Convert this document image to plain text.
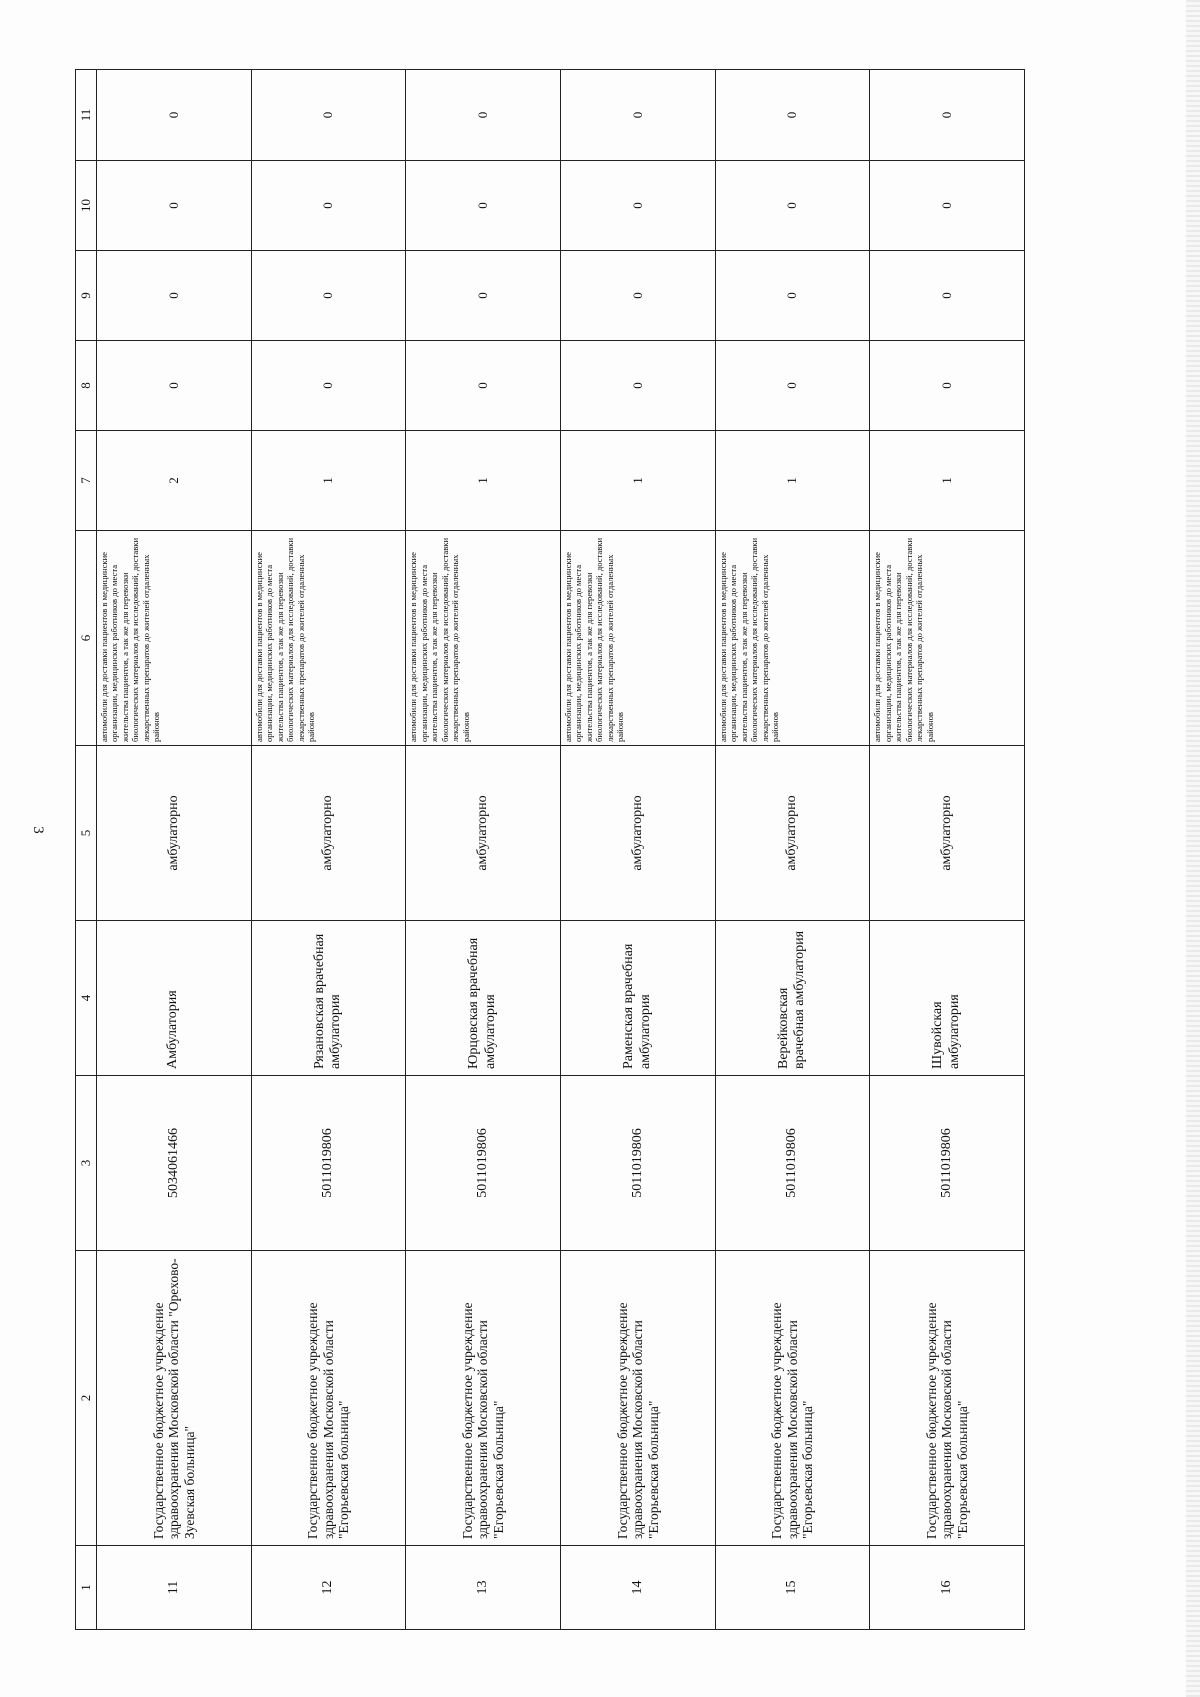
3
1	2	3	4	5	6	7	8	9	10	11
11	Государственное бюджетное учреждение здравоохранения Московской области "Орехово-Зуевская больница"	5034061466	Амбулатория	амбулаторно	автомобили для доставки пациентов в медицинские организации, медицинских работников до места жительства пациентов, а так же для перевозки биологических материалов для исследований, доставки лекарственных препаратов до жителей отдаленных районов	2	0	0	0	0
12	Государственное бюджетное учреждение здравоохранения Московской области "Егорьевская больница"	5011019806	Рязановская врачебная амбулатория	амбулаторно	автомобили для доставки пациентов в медицинские организации, медицинских работников до места жительства пациентов, а так же для перевозки биологических материалов для исследований, доставки лекарственных препаратов до жителей отдаленных районов	1	0	0	0	0
13	Государственное бюджетное учреждение здравоохранения Московской области "Егорьевская больница"	5011019806	Юрцовская врачебная амбулатория	амбулаторно	автомобили для доставки пациентов в медицинские организации, медицинских работников до места жительства пациентов, а так же для перевозки биологических материалов для исследований, доставки лекарственных препаратов до жителей отдаленных районов	1	0	0	0	0
14	Государственное бюджетное учреждение здравоохранения Московской области "Егорьевская больница"	5011019806	Раменская врачебная амбулатория	амбулаторно	автомобили для доставки пациентов в медицинские организации, медицинских работников до места жительства пациентов, а так же для перевозки биологических материалов для исследований, доставки лекарственных препаратов до жителей отдаленных районов	1	0	0	0	0
15	Государственное бюджетное учреждение здравоохранения Московской области "Егорьевская больница"	5011019806	Верейковская врачебная амбулатория	амбулаторно	автомобили для доставки пациентов в медицинские организации, медицинских работников до места жительства пациентов, а так же для перевозки биологических материалов для исследований, доставки лекарственных препаратов до жителей отдаленных районов	1	0	0	0	0
16	Государственное бюджетное учреждение здравоохранения Московской области "Егорьевская больница"	5011019806	Шувойская амбулатория	амбулаторно	автомобили для доставки пациентов в медицинские организации, медицинских работников до места жительства пациентов, а так же для перевозки биологических материалов для исследований, доставки лекарственных препаратов до жителей отдаленных районов	1	0	0	0	0
